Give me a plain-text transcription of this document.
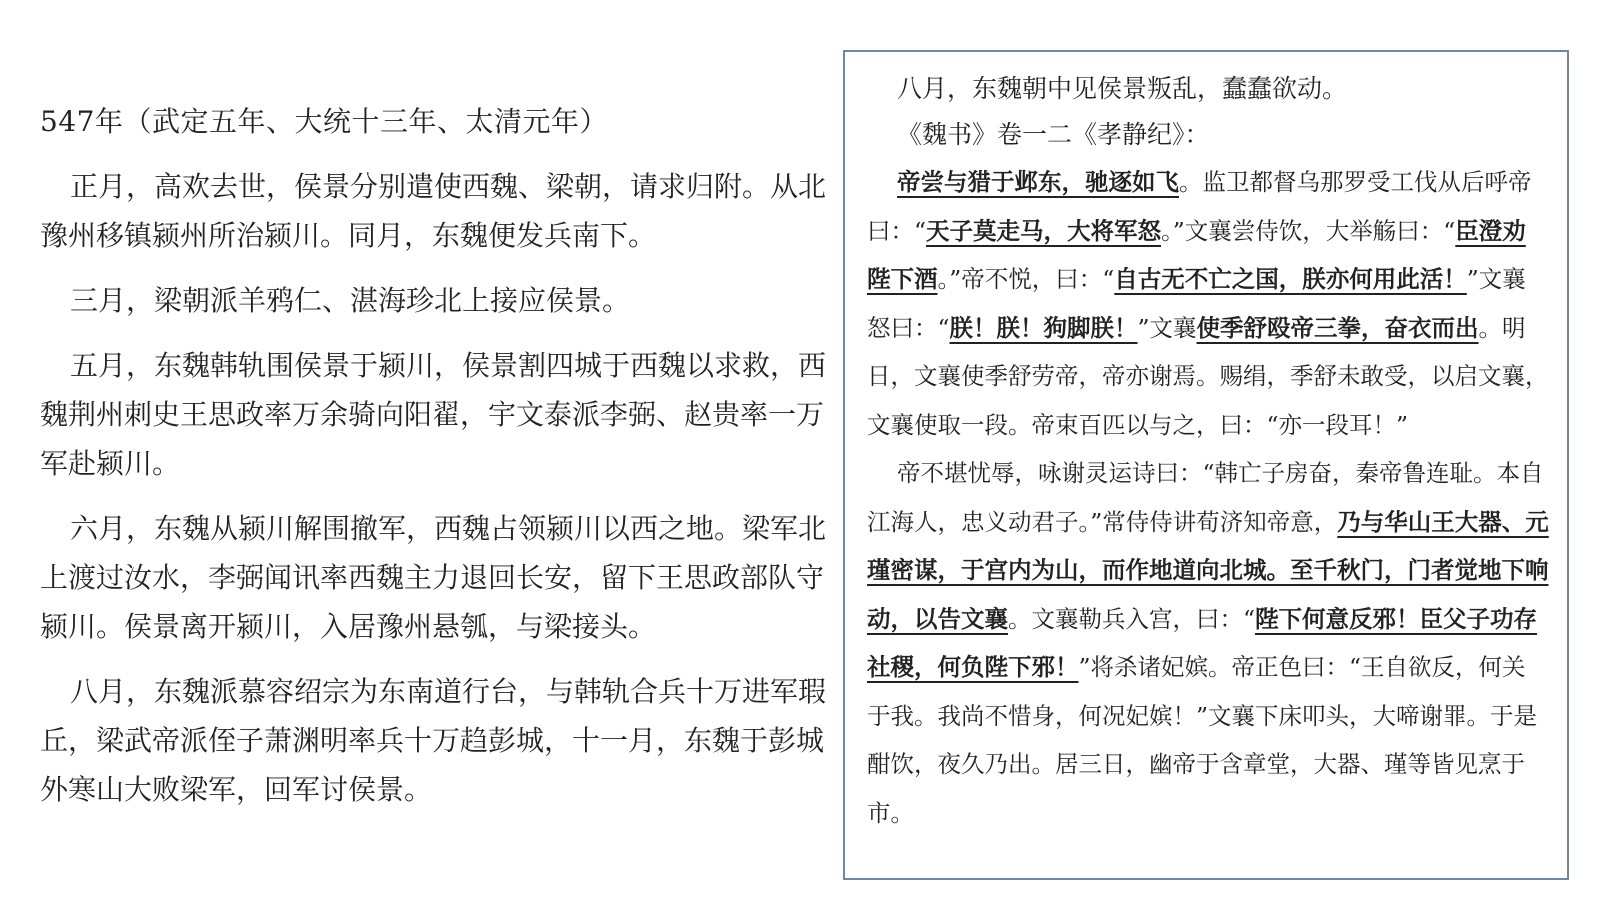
547年（武定五年、大统十三年、太清元年）

正月，高欢去世，侯景分别遣使西魏、梁朝，请求归附。从北豫州移镇颍州所治颍川。同月，东魏便发兵南下。

三月，梁朝派羊鸦仁、湛海珍北上接应侯景。

五月，东魏韩轨围侯景于颍川，侯景割四城于西魏以求救，西魏荆州刺史王思政率万余骑向阳翟，宇文泰派李弼、赵贵率一万军赴颍川。

六月，东魏从颍川解围撤军，西魏占领颍川以西之地。梁军北上渡过汝水，李弼闻讯率西魏主力退回长安，留下王思政部队守颍川。侯景离开颍川，入居豫州悬瓠，与梁接头。

八月，东魏派慕容绍宗为东南道行台，与韩轨合兵十万进军瑕丘，梁武帝派侄子萧渊明率兵十万趋彭城，十一月，东魏于彭城外寒山大败梁军，回军讨侯景。

八月，东魏朝中见侯景叛乱，蠢蠢欲动。

《魏书》卷一二《孝静纪》：

帝尝与猎于邺东，驰逐如飞。监卫都督乌那罗受工伐从后呼帝曰：“天子莫走马，大将军怒。”文襄尝侍饮，大举觞曰：“臣澄劝陛下酒。”帝不悦，曰：“自古无不亡之国，朕亦何用此活！”文襄怒曰：“朕！朕！狗脚朕！”文襄使季舒殴帝三拳，奋衣而出。明日，文襄使季舒劳帝，帝亦谢焉。赐绢，季舒未敢受，以启文襄，文襄使取一段。帝束百匹以与之，曰：“亦一段耳！”

帝不堪忧辱，咏谢灵运诗曰：“韩亡子房奋，秦帝鲁连耻。本自江海人，忠义动君子。”常侍侍讲荀济知帝意，乃与华山王大器、元瑾密谋，于宫内为山，而作地道向北城。至千秋门，门者觉地下响动，以告文襄。文襄勒兵入宫，曰：“陛下何意反邪！臣父子功存社稷，何负陛下邪！”将杀诸妃嫔。帝正色曰：“王自欲反，何关于我。我尚不惜身，何况妃嫔！”文襄下床叩头，大啼谢罪。于是酣饮，夜久乃出。居三日，幽帝于含章堂，大器、瑾等皆见烹于市。
